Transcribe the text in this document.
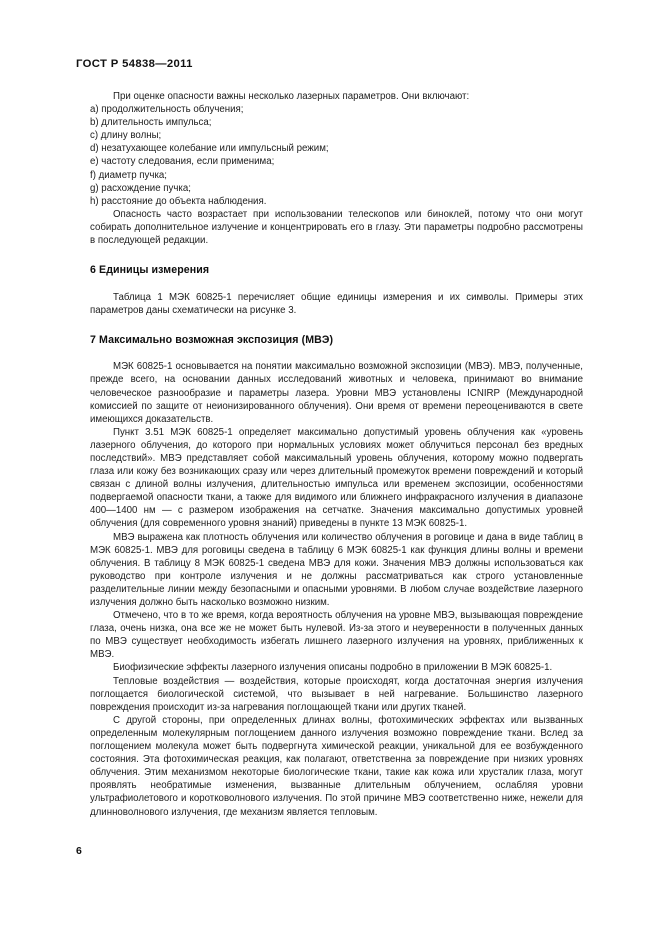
ГОСТ Р 54838—2011

При оценке опасности важны несколько лазерных параметров. Они включают:

a) продолжительность облучения;

b) длительность импульса;

c) длину волны;

d) незатухающее колебание или импульсный режим;

e) частоту следования, если применима;

f) диаметр пучка;

g) расхождение пучка;

h) расстояние до объекта наблюдения.

Опасность часто возрастает при использовании телескопов или биноклей, потому что они могут собирать дополнительное излучение и концентрировать его в глазу. Эти параметры подробно рассмотрены в последующей редакции.

6 Единицы измерения

Таблица 1 МЭК 60825-1 перечисляет общие единицы измерения и их символы. Примеры этих параметров даны схематически на рисунке 3.

7 Максимально возможная экспозиция (МВЭ)

МЭК 60825-1 основывается на понятии максимально возможной экспозиции (МВЭ). МВЭ, полученные, прежде всего, на основании данных исследований животных и человека, принимают во внимание человеческое разнообразие и параметры лазера. Уровни МВЭ установлены ICNIRP (Международной комиссией по защите от неионизированного облучения). Они время от времени переоцениваются в свете имеющихся доказательств.

Пункт 3.51 МЭК 60825-1 определяет максимально допустимый уровень облучения как «уровень лазерного облучения, до которого при нормальных условиях может облучиться персонал без вредных последствий». МВЭ представляет собой максимальный уровень облучения, которому можно подвергать глаза или кожу без возникающих сразу или через длительный промежуток времени повреждений и который связан с длиной волны излучения, длительностью импульса или временем экспозиции, особенностями подвергаемой опасности ткани, а также для видимого или ближнего инфракрасного излучения в диапазоне 400—1400 нм — с размером изображения на сетчатке. Значения максимально допустимых уровней облучения (для современного уровня знаний) приведены в пункте 13 МЭК 60825-1.

МВЭ выражена как плотность облучения или количество облучения в роговице и дана в виде таблиц в МЭК 60825-1. МВЭ для роговицы сведена в таблицу 6 МЭК 60825-1 как функция длины волны и времени облучения. В таблицу 8 МЭК 60825-1 сведена МВЭ для кожи. Значения МВЭ должны использоваться как руководство при контроле излучения и не должны рассматриваться как строго установленные разделительные линии между безопасными и опасными уровнями. В любом случае воздействие лазерного излучения должно быть насколько возможно низким.

Отмечено, что в то же время, когда вероятность облучения на уровне МВЭ, вызывающая повреждение глаза, очень низка, она все же не может быть нулевой. Из-за этого и неуверенности в полученных данных по МВЭ существует необходимость избегать лишнего лазерного излучения на уровнях, приближенных к МВЭ.

Биофизические эффекты лазерного излучения описаны подробно в приложении В МЭК 60825-1.

Тепловые воздействия — воздействия, которые происходят, когда достаточная энергия излучения поглощается биологической системой, что вызывает в ней нагревание. Большинство лазерного повреждения происходит из-за нагревания поглощающей ткани или других тканей.

С другой стороны, при определенных длинах волны, фотохимических эффектах или вызванных определенным молекулярным поглощением данного излучения возможно повреждение ткани. Вслед за поглощением молекула может быть подвергнута химической реакции, уникальной для ее возбужденного состояния. Эта фотохимическая реакция, как полагают, ответственна за повреждение при низких уровнях облучения. Этим механизмом некоторые биологические ткани, такие как кожа или хрусталик глаза, могут проявлять необратимые изменения, вызванные длительным облучением, ослабляя уровни ультрафиолетового и коротковолнового излучения. По этой причине МВЭ соответственно ниже, нежели для длинноволнового излучения, где механизм является тепловым.

6
